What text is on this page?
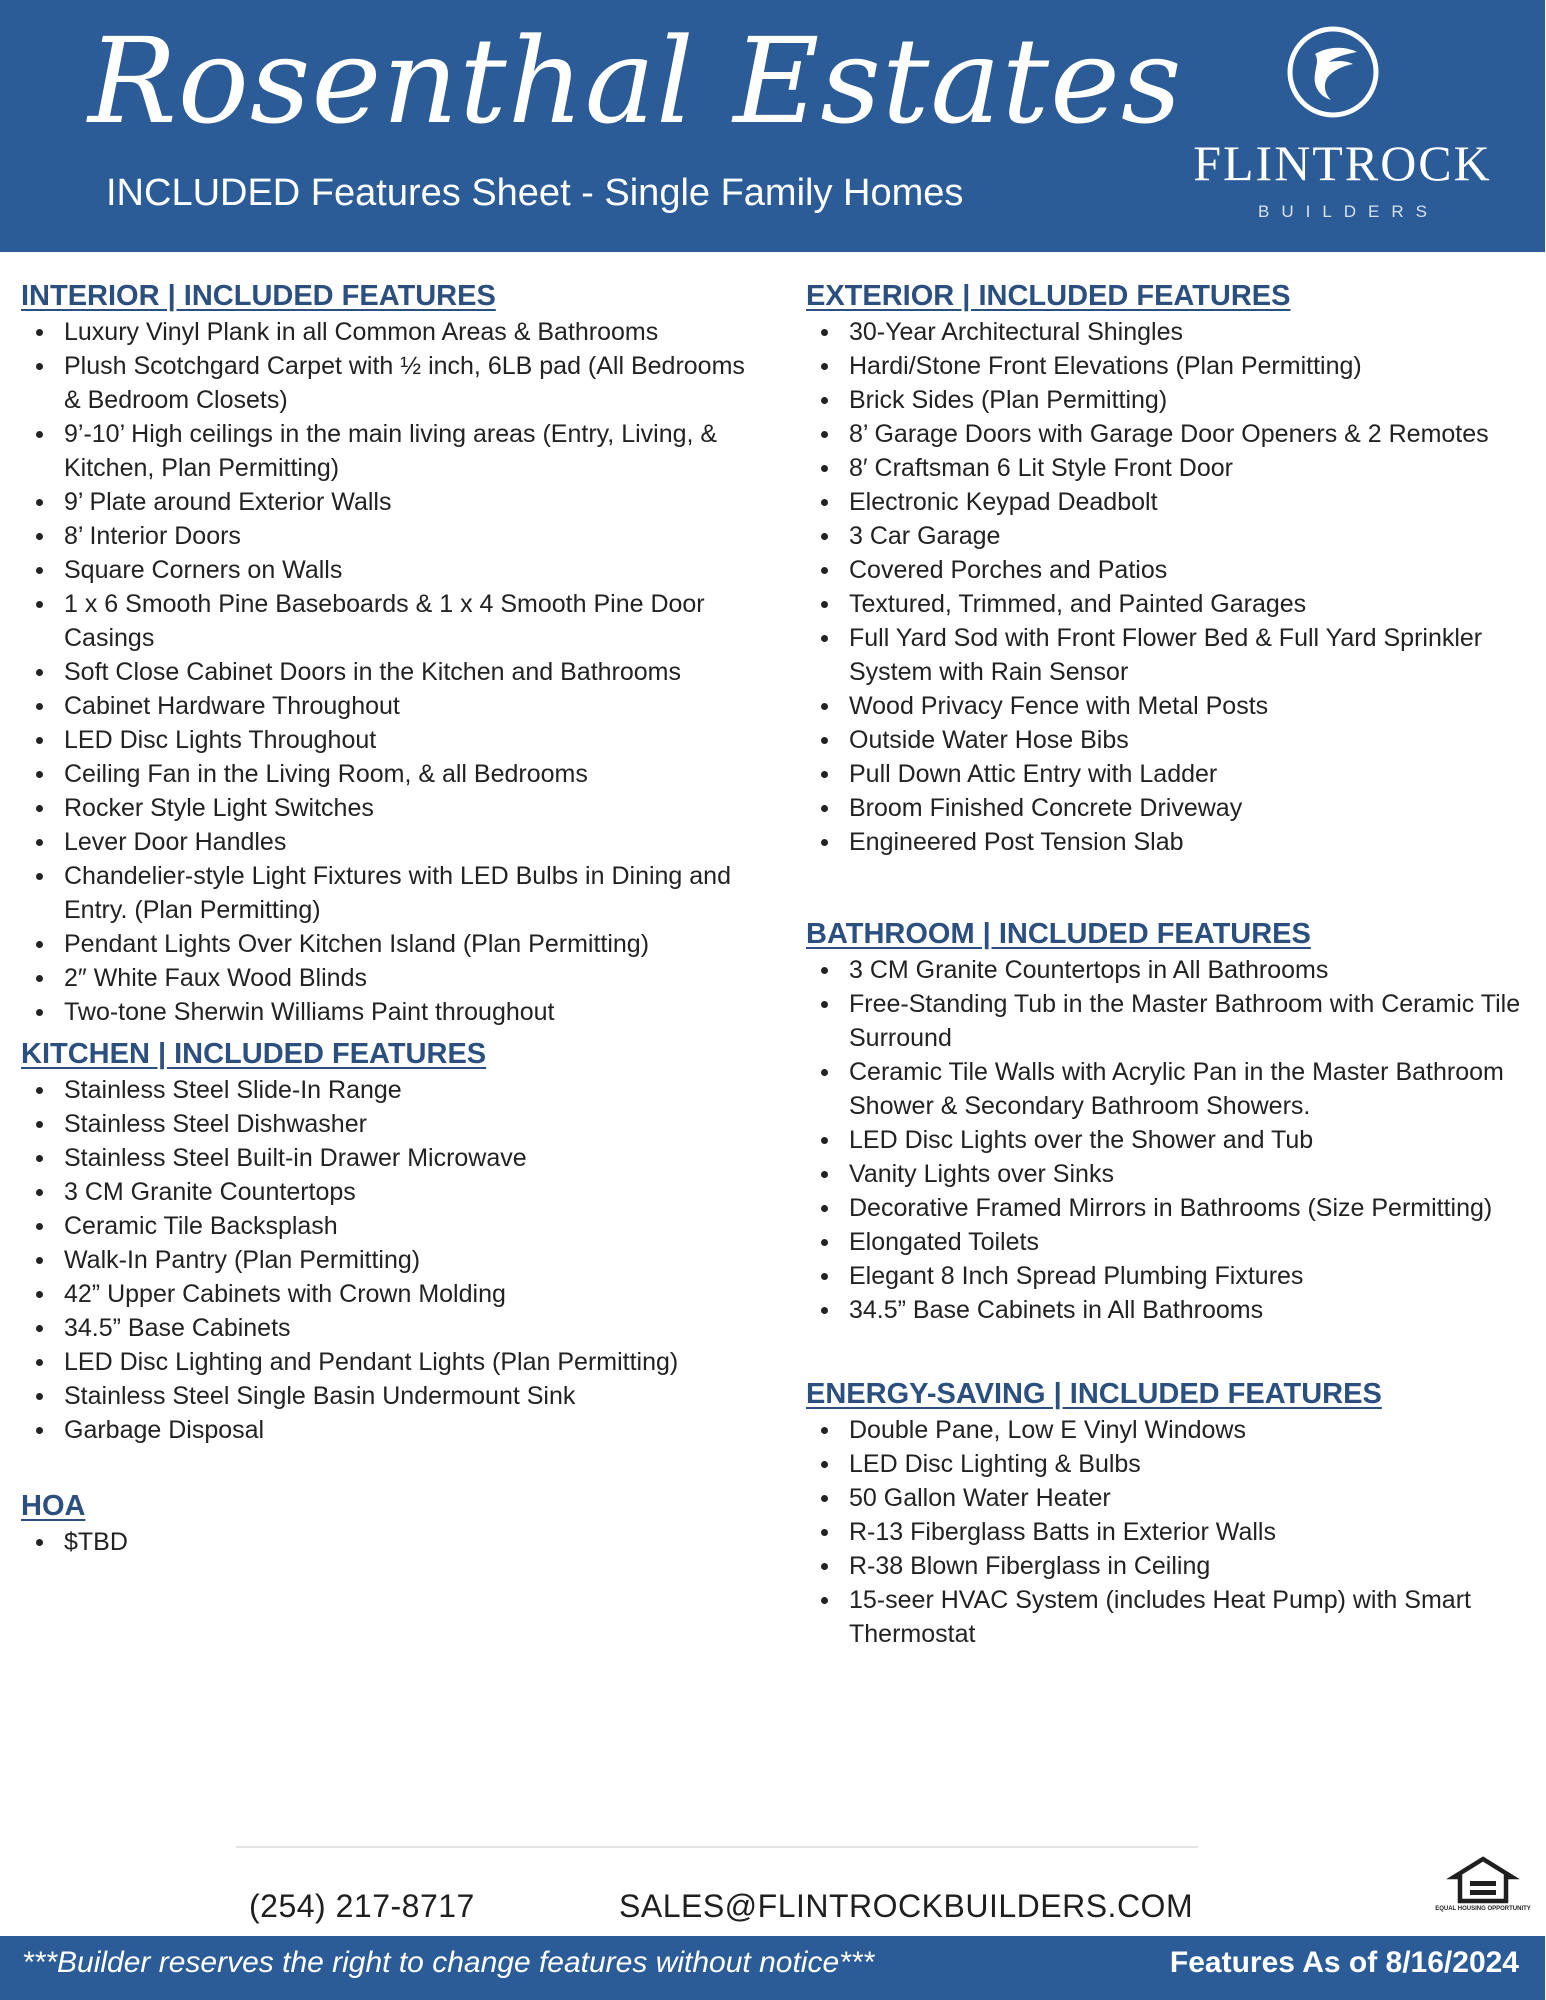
Rosenthal Estates
INCLUDED Features Sheet - Single Family Homes
FLINTROCK
BUILDERS
INTERIOR | INCLUDED FEATURES
Luxury Vinyl Plank in all Common Areas & Bathrooms
Plush Scotchgard Carpet with ½ inch, 6LB pad (All Bedrooms & Bedroom Closets)
9’-10’ High ceilings in the main living areas (Entry, Living, & Kitchen, Plan Permitting)
9’ Plate around Exterior Walls
8’ Interior Doors
Square Corners on Walls
1 x 6 Smooth Pine Baseboards & 1 x 4 Smooth Pine Door Casings
Soft Close Cabinet Doors in the Kitchen and Bathrooms
Cabinet Hardware Throughout
LED Disc Lights Throughout
Ceiling Fan in the Living Room, & all Bedrooms
Rocker Style Light Switches
Lever Door Handles
Chandelier-style Light Fixtures with LED Bulbs in Dining and Entry. (Plan Permitting)
Pendant Lights Over Kitchen Island (Plan Permitting)
2″ White Faux Wood Blinds
Two-tone Sherwin Williams Paint throughout
KITCHEN | INCLUDED FEATURES
Stainless Steel Slide-In Range
Stainless Steel Dishwasher
Stainless Steel Built-in Drawer Microwave
3 CM Granite Countertops
Ceramic Tile Backsplash
Walk-In Pantry (Plan Permitting)
42” Upper Cabinets with Crown Molding
34.5” Base Cabinets
LED Disc Lighting and Pendant Lights (Plan Permitting)
Stainless Steel Single Basin Undermount Sink
Garbage Disposal
HOA
$TBD
EXTERIOR | INCLUDED FEATURES
30-Year Architectural Shingles
Hardi/Stone Front Elevations (Plan Permitting)
Brick Sides (Plan Permitting)
8’ Garage Doors with Garage Door Openers & 2 Remotes
8′ Craftsman 6 Lit Style Front Door
Electronic Keypad Deadbolt
3 Car Garage
Covered Porches and Patios
Textured, Trimmed, and Painted Garages
Full Yard Sod with Front Flower Bed & Full Yard Sprinkler System with Rain Sensor
Wood Privacy Fence with Metal Posts
Outside Water Hose Bibs
Pull Down Attic Entry with Ladder
Broom Finished Concrete Driveway
Engineered Post Tension Slab
BATHROOM | INCLUDED FEATURES
3 CM Granite Countertops in All Bathrooms
Free-Standing Tub in the Master Bathroom with Ceramic Tile Surround
Ceramic Tile Walls with Acrylic Pan in the Master Bathroom Shower & Secondary Bathroom Showers.
LED Disc Lights over the Shower and Tub
Vanity Lights over Sinks
Decorative Framed Mirrors in Bathrooms (Size Permitting)
Elongated Toilets
Elegant 8 Inch Spread Plumbing Fixtures
34.5” Base Cabinets in All Bathrooms
ENERGY-SAVING | INCLUDED FEATURES
Double Pane, Low E Vinyl Windows
LED Disc Lighting & Bulbs
50 Gallon Water Heater
R-13 Fiberglass Batts in Exterior Walls
R-38 Blown Fiberglass in Ceiling
15-seer HVAC System (includes Heat Pump) with Smart Thermostat
(254) 217-8717	SALES@FLINTROCKBUILDERS.COM	EQUAL HOUSING OPPORTUNITY
***Builder reserves the right to change features without notice***	Features As of 8/16/2024
